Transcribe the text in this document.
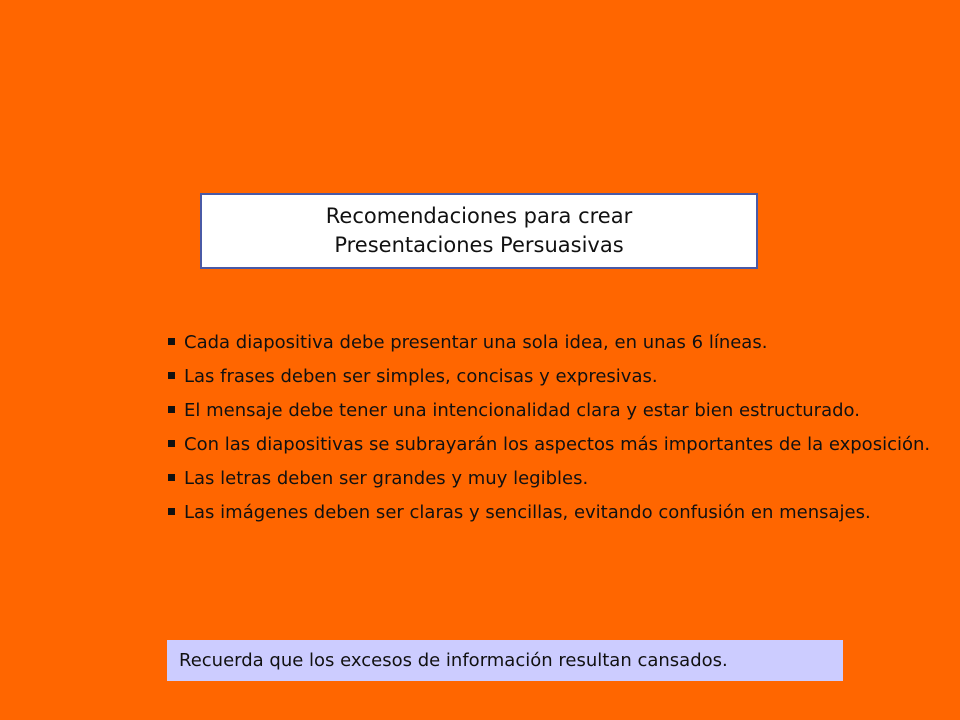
Recomendaciones para crear
Presentaciones Persuasivas
Cada diapositiva debe presentar una sola idea, en unas 6 líneas.
Las frases deben ser simples, concisas y expresivas.
El mensaje debe tener una intencionalidad clara y estar bien estructurado.
Con las diapositivas se subrayarán los aspectos más importantes de la exposición.
Las letras deben ser grandes y muy legibles.
Las imágenes deben ser claras y sencillas, evitando confusión en mensajes.
Recuerda que los excesos de información resultan cansados.
